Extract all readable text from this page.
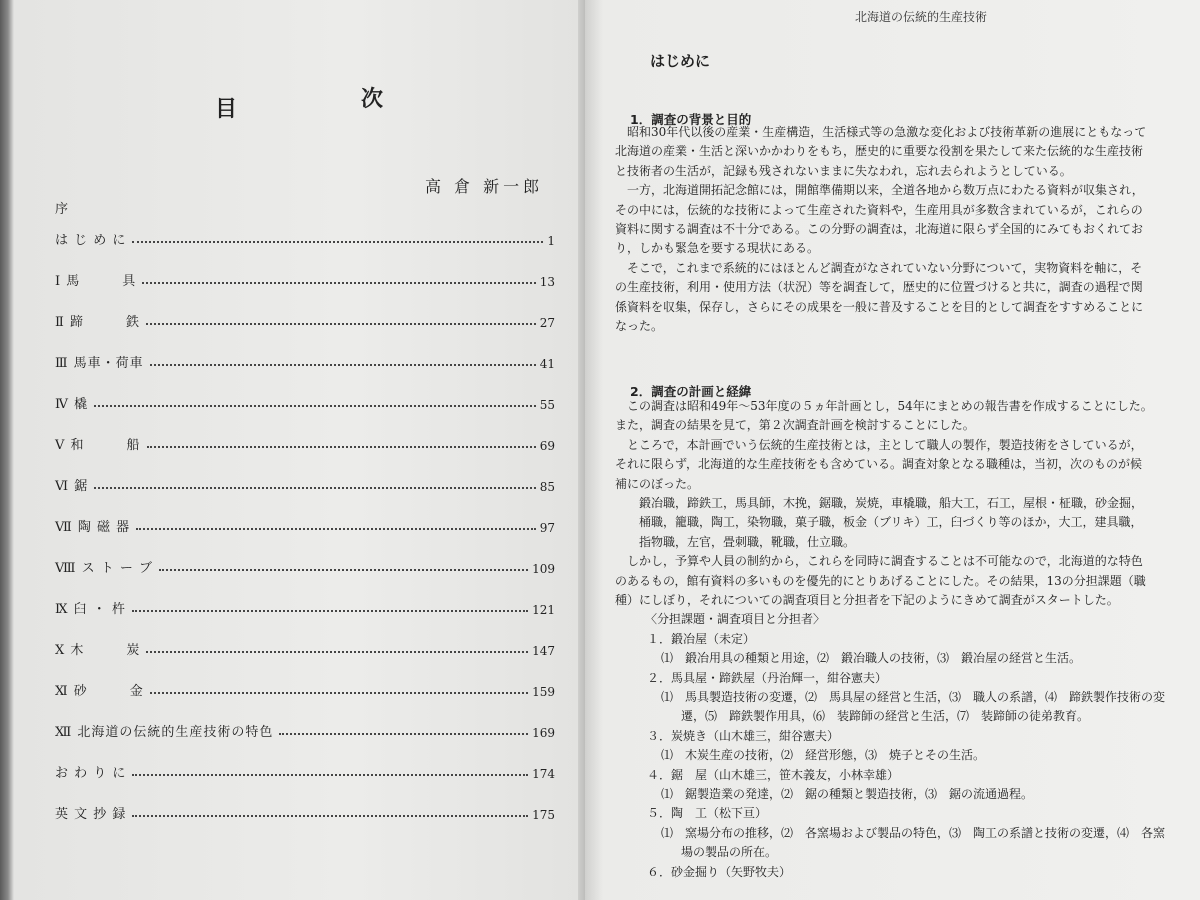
目	次
高 倉 新一郎
序
は じ め に	1
Ⅰ 馬　　　具	13
Ⅱ 蹄　　　鉄	27
Ⅲ 馬車・荷車	41
Ⅳ 橇	55
Ⅴ 和　　　船	69
Ⅵ 鋸	85
Ⅶ 陶 磁 器	97
Ⅷ ス ト ー ブ	109
Ⅸ 臼 ・ 杵	121
Ⅹ 木　　　炭	147
Ⅺ 砂　　　金	159
Ⅻ 北海道の伝統的生産技術の特色	169
お わ り に	174
英 文 抄 録	175
北海道の伝統的生産技術
はじめに
1．調査の背景と目的
2．調査の計画と経緯
　昭和30年代以後の産業・生産構造，生活様式等の急激な変化および技術革新の進展にともなって
北海道の産業・生活と深いかかわりをもち，歴史的に重要な役割を果たして来た伝統的な生産技術
と技術者の生活が，記録も残されないままに失なわれ，忘れ去られようとしている。
　一方，北海道開拓記念館には，開館準備期以来，全道各地から数万点にわたる資料が収集され，
その中には，伝統的な技術によって生産された資料や，生産用具が多数含まれているが，これらの
資料に関する調査は不十分である。この分野の調査は，北海道に限らず全国的にみてもおくれてお
り，しかも緊急を要する現状にある。
　そこで，これまで系統的にはほとんど調査がなされていない分野について，実物資料を軸に，そ
の生産技術，利用・使用方法（状況）等を調査して，歴史的に位置づけると共に，調査の過程で関
係資料を収集，保存し，さらにその成果を一般に普及することを目的として調査をすすめることに
なった。
　この調査は昭和49年～53年度の５ヵ年計画とし，54年にまとめの報告書を作成することにした。
また，調査の結果を見て，第２次調査計画を検討することにした。
　ところで，本計画でいう伝統的生産技術とは，主として職人の製作，製造技術をさしているが，
それに限らず，北海道的な生産技術をも含めている。調査対象となる職種は，当初，次のものが候
補にのぼった。
　鍛冶職，蹄鉄工，馬具師，木挽，鋸職，炭焼，車橇職，船大工，石工，屋根・柾職，砂金掘，
　桶職，籠職，陶工，染物職，菓子職，板金（ブリキ）工，臼づくり等のほか，大工，建具職，
　指物職，左官，畳刺職，靴職，仕立職。
　しかし，予算や人員の制約から，これらを同時に調査することは不可能なので，北海道的な特色
のあるもの，館有資料の多いものを優先的にとりあげることにした。その結果，13の分担課題（職
種）にしぼり，それについての調査項目と分担者を下記のようにきめて調査がスタートした。
〈分担課題・調査項目と分担者〉
１．鍛冶屋（未定）
⑴　鍛冶用具の種類と用途，⑵　鍛冶職人の技術，⑶　鍛冶屋の経営と生活。
２．馬具屋・蹄鉄屋（丹治輝一，紺谷憲夫）
⑴　馬具製造技術の変遷，⑵　馬具屋の経営と生活，⑶　職人の系譜，⑷　蹄鉄製作技術の変
遷，⑸　蹄鉄製作用具，⑹　装蹄師の経営と生活，⑺　装蹄師の徒弟教育。
３．炭焼き（山木雄三，紺谷憲夫）
⑴　木炭生産の技術，⑵　経営形態，⑶　焼子とその生活。
４．鋸　屋（山木雄三，笹木義友，小林幸雄）
⑴　鋸製造業の発達，⑵　鋸の種類と製造技術，⑶　鋸の流通過程。
５．陶　工（松下亘）
⑴　窯場分布の推移，⑵　各窯場および製品の特色，⑶　陶工の系譜と技術の変遷，⑷　各窯
場の製品の所在。
６．砂金掘り（矢野牧夫）
